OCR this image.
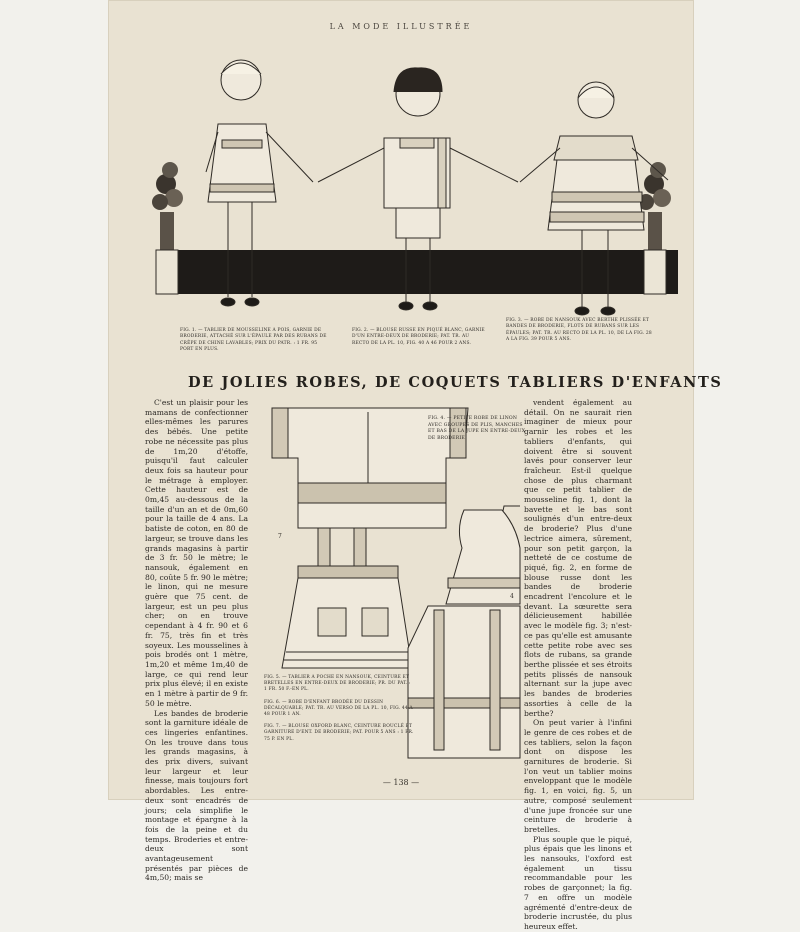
LA MODE ILLUSTRÉE

FIG. 1. — TABLIER DE MOUSSELINE A POIS, GARNIE DE BRODERIE, ATTACHÉ SUR L'ÉPAULE PAR DES RUBANS DE CRÊPE DE CHINE LAVABLES; PRIX DU PATR. : 1 FR. 95 PORT EN PLUS.

FIG. 2. — BLOUSE RUSSE EN PIQUÉ BLANC, GARNIE D'UN ENTRE-DEUX DE BRODERIE; PAT. TR. AU RECTO DE LA PL. 10, FIG. 40 A 46 POUR 2 ANS.

FIG. 3. — ROBE DE NANSOUK AVEC BERTHE PLISSÉE ET BANDES DE BRODERIE, FLOTS DE RUBANS SUR LES ÉPAULES; PAT. TR. AU RECTO DE LA PL. 10, DE LA FIG. 28 A LA FIG. 39 POUR 5 ANS.

DE JOLIES ROBES, DE COQUETS TABLIERS D'ENFANTS

C'est un plaisir pour les mamans de confectionner elles-mêmes les parures des bébés. Une petite robe ne nécessite pas plus de 1m,20 d'étoffe, puisqu'il faut calculer deux fois sa hauteur pour le métrage à employer. Cette hauteur est de 0m,45 au-dessous de la taille d'un an et de 0m,60 pour la taille de 4 ans. La batiste de coton, en 80 de largeur, se trouve dans les grands magasins à partir de 3 fr. 50 le mètre; le nansouk, également en 80, coûte 5 fr. 90 le mètre; le linon, qui ne mesure guère que 75 cent. de largeur, est un peu plus cher; on en trouve cependant à 4 fr. 90 et 6 fr. 75, très fin et très soyeux. Les mousselines à pois brodés ont 1 mètre, 1m,20 et même 1m,40 de large, ce qui rend leur prix plus élevé; il en existe en 1 mètre à partir de 9 fr. 50 le mètre.

Les bandes de broderie sont la garniture idéale de ces lingeries enfantines. On les trouve dans tous les grands magasins, à des prix divers, suivant leur largeur et leur finesse, mais toujours fort abordables. Les entre-deux sont encadrés de jours; cela simplifie le montage et épargne à la fois de la peine et du temps. Broderies et entre-deux sont avantageusement présentés par pièces de 4m,50; mais se

7
4

FIG. 4. — PETITE ROBE DE LINON AVEC GROUPES DE PLIS, MANCHES ET BAS DE LA JUPE EN ENTRE-DEUX DE BRODERIE.

FIG. 5. — TABLIER A POCHE EN NANSOUK, CEINTURE ET BRETELLES EN ENTRE-DEUX DE BRODERIE; PR. DU PAT. : 1 FR. 50 F.-EN PL.

FIG. 6. — ROBE D'ENFANT BRODÉE DU DESSIN DÉCALQUABLE; PAT. TR. AU VERSO DE LA PL. 10, FIG. 44 A 48 POUR 1 AN.

FIG. 7. — BLOUSE OXFORD BLANC, CEINTURE BOUCLÉ ET GARNITURE D'ENT. DE BRODERIE; PAT. POUR 5 ANS : 1 FR. 75 P. EN PL.

vendent également au détail. On ne saurait rien imaginer de mieux pour garnir les robes et les tabliers d'enfants, qui doivent être si souvent lavés pour conserver leur fraîcheur. Est-il quelque chose de plus charmant que ce petit tablier de mousseline fig. 1, dont la bavette et le bas sont soulignés d'un entre-deux de broderie? Plus d'une lectrice aimera, sûrement, pour son petit garçon, la netteté de ce costume de piqué, fig. 2, en forme de blouse russe dont les bandes de broderie encadrent l'encolure et le devant. La sœurette sera délicieusement habillée avec le modèle fig. 3; n'est-ce pas qu'elle est amusante cette petite robe avec ses flots de rubans, sa grande berthe plissée et ses étroits petits plissés de nansouk alternant sur la jupe avec les bandes de broderies assorties à celle de la berthe?

On peut varier à l'infini le genre de ces robes et de ces tabliers, selon la façon dont on dispose les garnitures de broderie. Si l'on veut un tablier moins enveloppant que le modèle fig. 1, en voici, fig. 5, un autre, composé seulement d'une jupe froncée sur une ceinture de broderie à bretelles.

Plus souple que le piqué, plus épais que les linons et les nansouks, l'oxford est également un tissu recommandable pour les robes de garçonnet; la fig. 7 en offre un modèle agrémenté d'entre-deux de broderie incrustée, du plus heureux effet.

— 138 —
